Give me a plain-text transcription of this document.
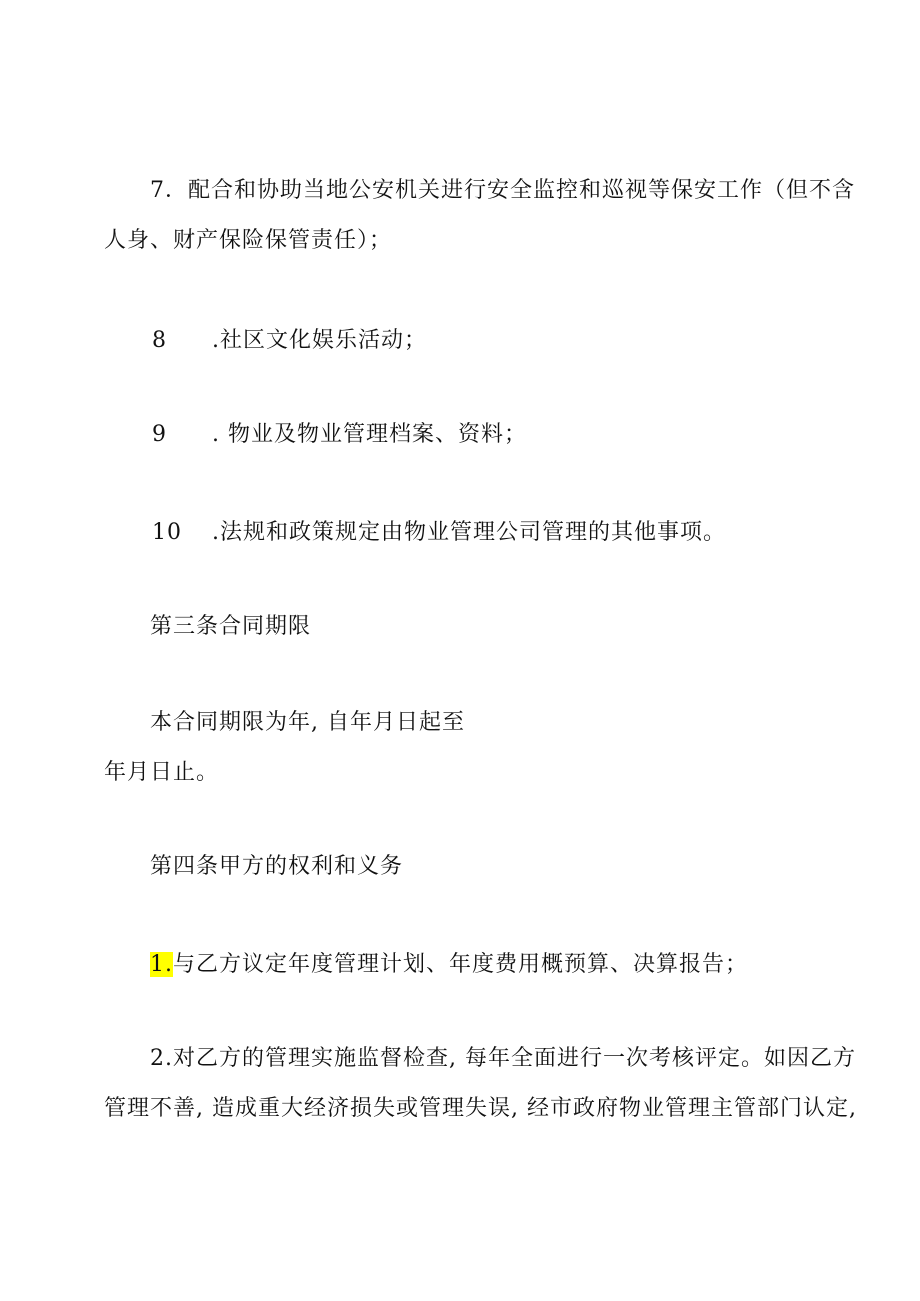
7．配合和协助当地公安机关进行安全监控和巡视等保安工作（但不含
人身、财产保险保管责任）；
8 .社区文化娱乐活动；
9 . 物业及物业管理档案、资料；
10 .法规和政策规定由物业管理公司管理的其他事项。
第三条合同期限
本合同期限为年, 自年月日起至
年月日止。
第四条甲方的权利和义务
1.与乙方议定年度管理计划、年度费用概预算、决算报告；
2.对乙方的管理实施监督检查, 每年全面进行一次考核评定。如因乙方
管理不善, 造成重大经济损失或管理失误, 经市政府物业管理主管部门认定,
